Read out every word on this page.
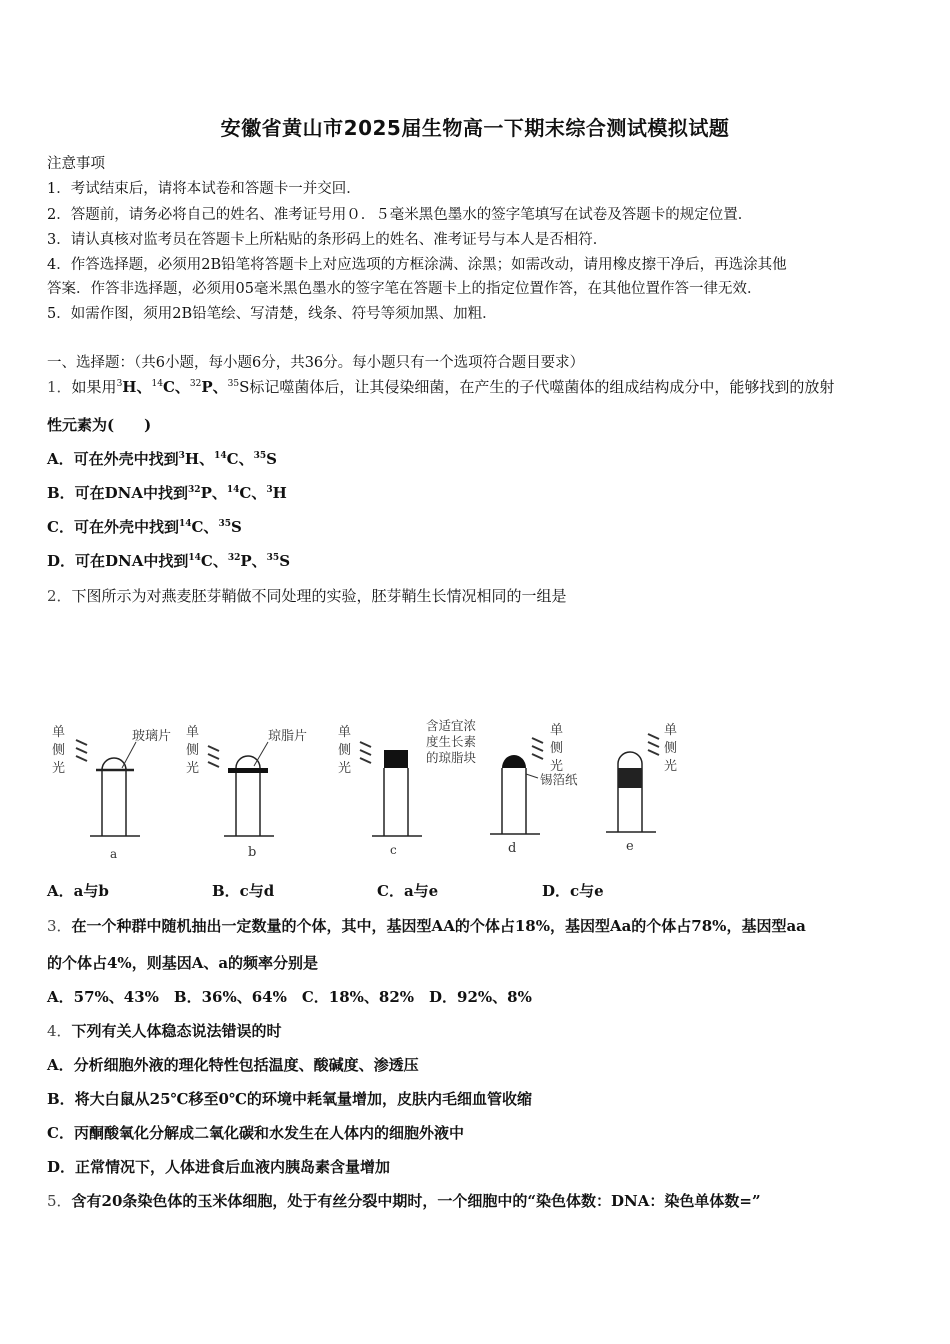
安徽省黄山市2025届生物高一下期末综合测试模拟试题
注意事项
1．考试结束后，请将本试卷和答题卡一并交回．
2．答题前，请务必将自己的姓名、准考证号用０．５毫米黑色墨水的签字笔填写在试卷及答题卡的规定位置．
3．请认真核对监考员在答题卡上所粘贴的条形码上的姓名、准考证号与本人是否相符．
4．作答选择题，必须用2B铅笔将答题卡上对应选项的方框涂满、涂黑；如需改动，请用橡皮擦干净后，再选涂其他
答案．作答非选择题，必须用05毫米黑色墨水的签字笔在答题卡上的指定位置作答，在其他位置作答一律无效．
5．如需作图，须用2B铅笔绘、写清楚，线条、符号等须加黑、加粗．
一、选择题：（共6小题，每小题6分，共36分。每小题只有一个选项符合题目要求）
1．如果用$^3$H、$^{14}$C、$^{32}$P、$^{35}$S标记噬菌体后，让其侵染细菌，在产生的子代噬菌体的组成结构成分中，能够找到的放射
性元素为(　　)
A．可在外壳中找到$^3$H、$^{14}$C、$^{35}$S
B．可在DNA中找到$^{32}$P、$^{14}$C、$^3$H
C．可在外壳中找到$^{14}$C、$^{35}$S
D．可在DNA中找到$^{14}$C、$^{32}$P、$^{35}$S
2．下图所示为对燕麦胚芽鞘做不同处理的实验，胚芽鞘生长情况相同的一组是
单
侧
光
玻璃片
a
单
侧
光
琼脂片
b
单
侧
光
含适宜浓
度生长素
的琼脂块
c
单
侧
光
锡箔纸
d
单
侧
光
e
A．a与b	B．c与d	C．a与e	D．c与e
3．在一个种群中随机抽出一定数量的个体，其中，基因型AA的个体占18%，基因型Aa的个体占78%，基因型aa
的个体占4%，则基因A、a的频率分别是
A．57%、43%　B．36%、64%　C．18%、82%　D．92%、8%
4．下列有关人体稳态说法错误的时
A．分析细胞外液的理化特性包括温度、酸碱度、渗透压
B．将大白鼠从25℃移至0℃的环境中耗氧量增加，皮肤内毛细血管收缩
C．丙酮酸氧化分解成二氧化碳和水发生在人体内的细胞外液中
D．正常情况下，人体进食后血液内胰岛素含量增加
5．含有20条染色体的玉米体细胞，处于有丝分裂中期时，一个细胞中的“染色体数：DNA：染色单体数=”
